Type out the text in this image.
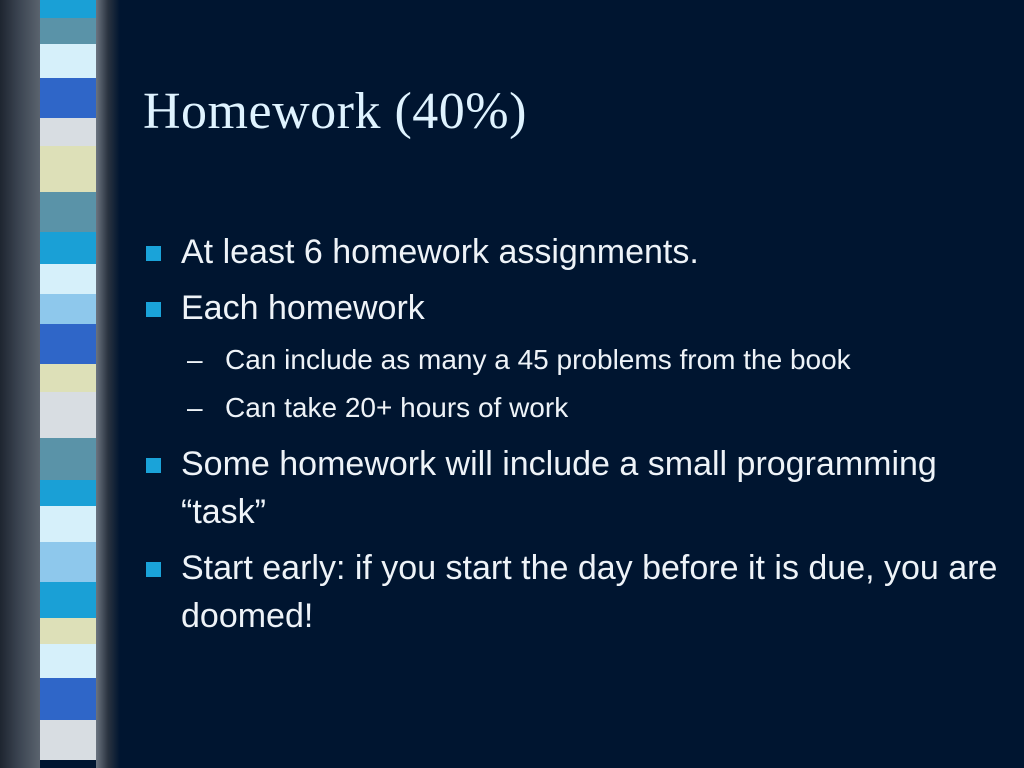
Homework (40%)
At least 6 homework assignments.
Each homework
– Can include as many a 45 problems from the book
– Can take 20+ hours of work
Some homework will include a small programming “task”
Start early: if you start the day before it is due, you are doomed!
